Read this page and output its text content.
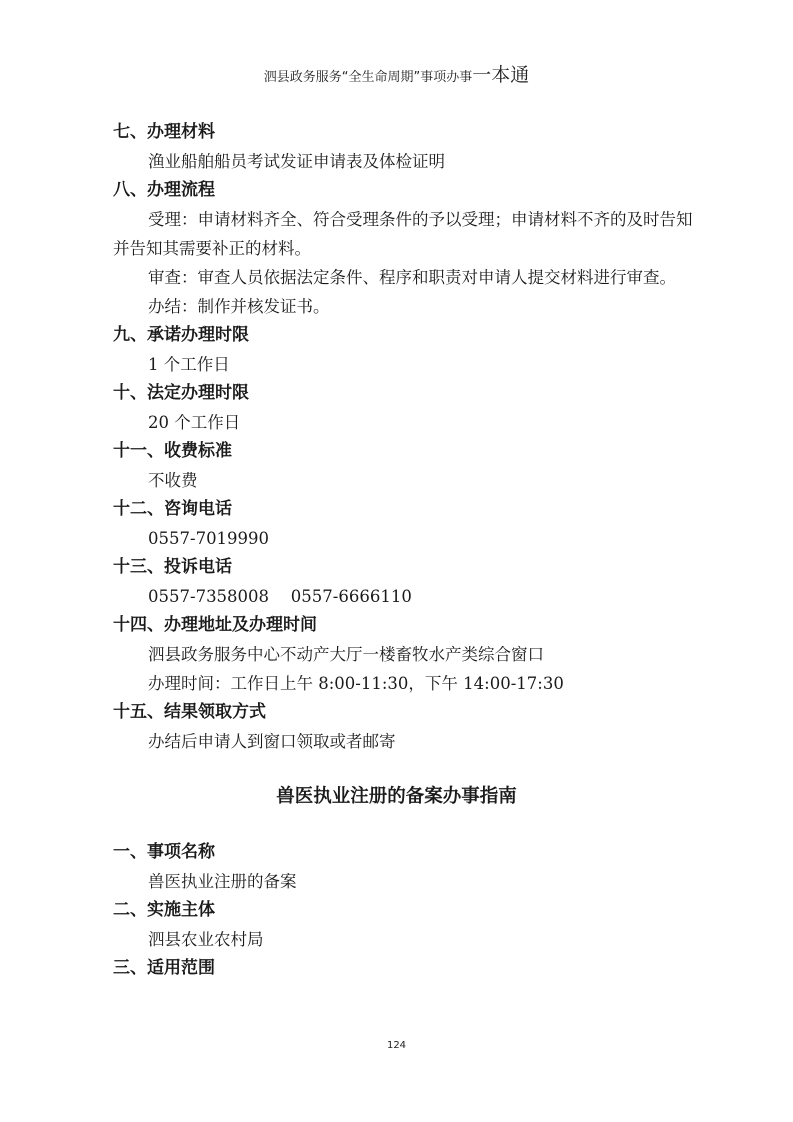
泗县政务服务“全生命周期”事项办事一本通
七、办理材料
渔业船舶船员考试发证申请表及体检证明
八、办理流程
受理：申请材料齐全、符合受理条件的予以受理；申请材料不齐的及时告知并告知其需要补正的材料。
审查：审查人员依据法定条件、程序和职责对申请人提交材料进行审查。
办结：制作并核发证书。
九、承诺办理时限
1 个工作日
十、法定办理时限
20 个工作日
十一、收费标准
不收费
十二、咨询电话
0557-7019990
十三、投诉电话
0557-7358008　 0557-6666110
十四、办理地址及办理时间
泗县政务服务中心不动产大厅一楼畜牧水产类综合窗口
办理时间：工作日上午 8:00-11:30，下午 14:00-17:30
十五、结果领取方式
办结后申请人到窗口领取或者邮寄
兽医执业注册的备案办事指南
一、事项名称
兽医执业注册的备案
二、实施主体
泗县农业农村局
三、适用范围
124
